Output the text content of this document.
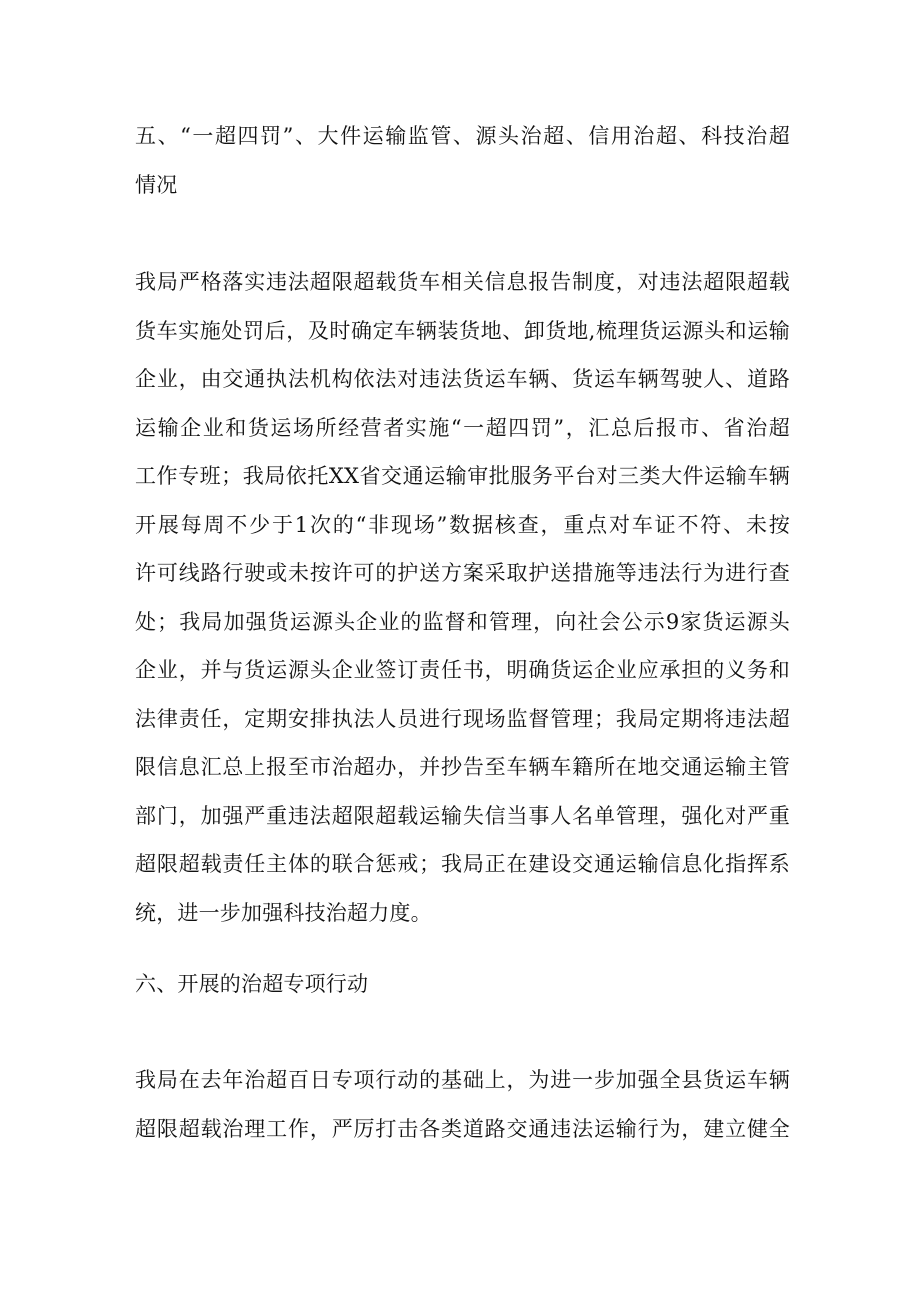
五、“一超四罚”、大件运输监管、源头治超、信用治超、科技治超
情况
我局严格落实违法超限超载货车相关信息报告制度，对违法超限超载
货车实施处罚后，及时确定车辆装货地、卸货地,梳理货运源头和运输
企业，由交通执法机构依法对违法货运车辆、货运车辆驾驶人、道路
运输企业和货运场所经营者实施“一超四罚”，汇总后报市、省治超
工作专班；我局依托XX省交通运输审批服务平台对三类大件运输车辆
开展每周不少于1次的“非现场”数据核查，重点对车证不符、未按
许可线路行驶或未按许可的护送方案采取护送措施等违法行为进行查
处；我局加强货运源头企业的监督和管理，向社会公示9家货运源头
企业，并与货运源头企业签订责任书，明确货运企业应承担的义务和
法律责任，定期安排执法人员进行现场监督管理；我局定期将违法超
限信息汇总上报至市治超办，并抄告至车辆车籍所在地交通运输主管
部门，加强严重违法超限超载运输失信当事人名单管理，强化对严重
超限超载责任主体的联合惩戒；我局正在建设交通运输信息化指挥系
统，进一步加强科技治超力度。
六、开展的治超专项行动
我局在去年治超百日专项行动的基础上，为进一步加强全县货运车辆
超限超载治理工作，严厉打击各类道路交通违法运输行为，建立健全
